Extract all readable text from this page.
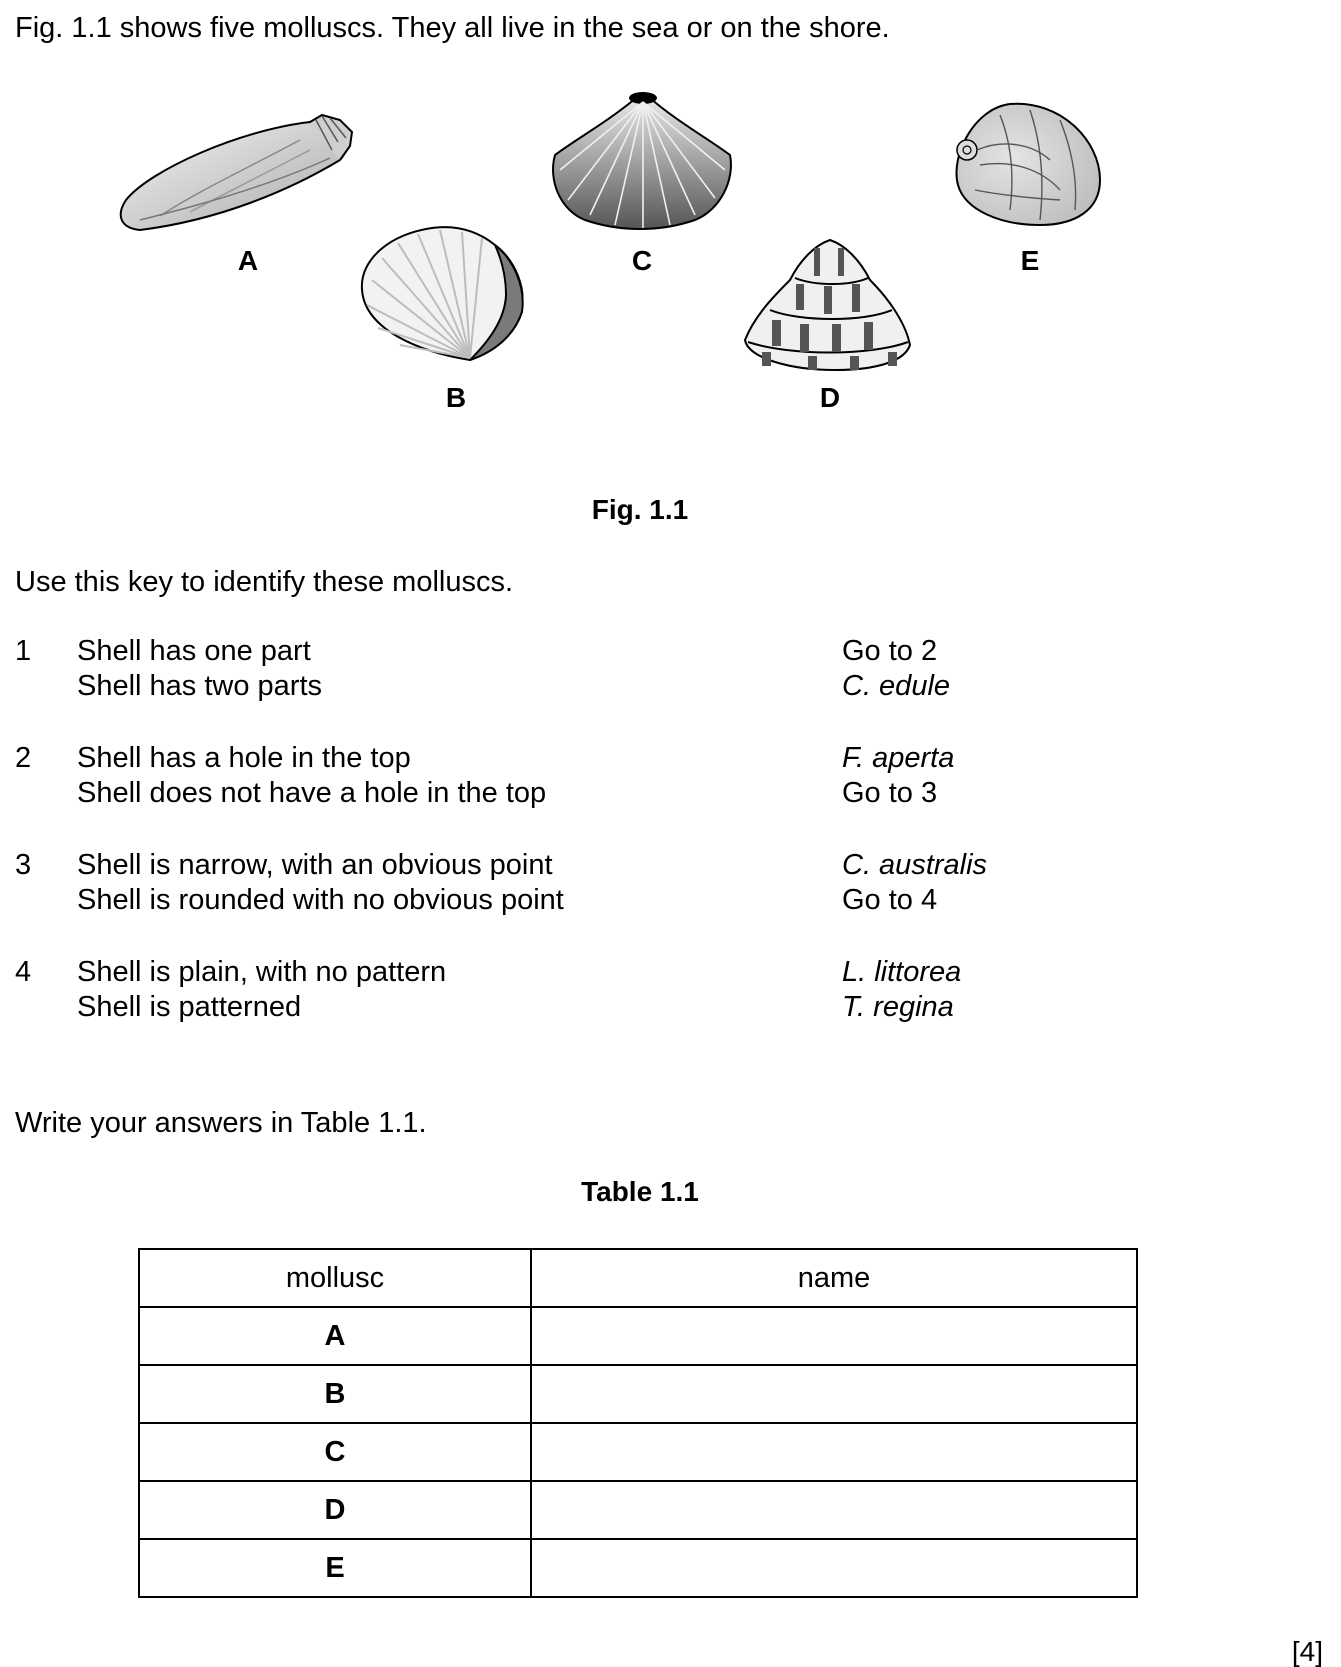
Fig. 1.1 shows five molluscs. They all live in the sea or on the shore.
A
B
C
D
E
Fig. 1.1
Use this key to identify these molluscs.
1 Shell has one part	Go to 2
Shell has two parts	C. edule
2 Shell has a hole in the top	F. aperta
Shell does not have a hole in the top	Go to 3
3 Shell is narrow, with an obvious point	C. australis
Shell is rounded with no obvious point	Go to 4
4 Shell is plain, with no pattern	L. littorea
Shell is patterned	T. regina
Write your answers in Table 1.1.
Table 1.1
mollusc	name
A	
B	
C	
D	
E	
[4]
